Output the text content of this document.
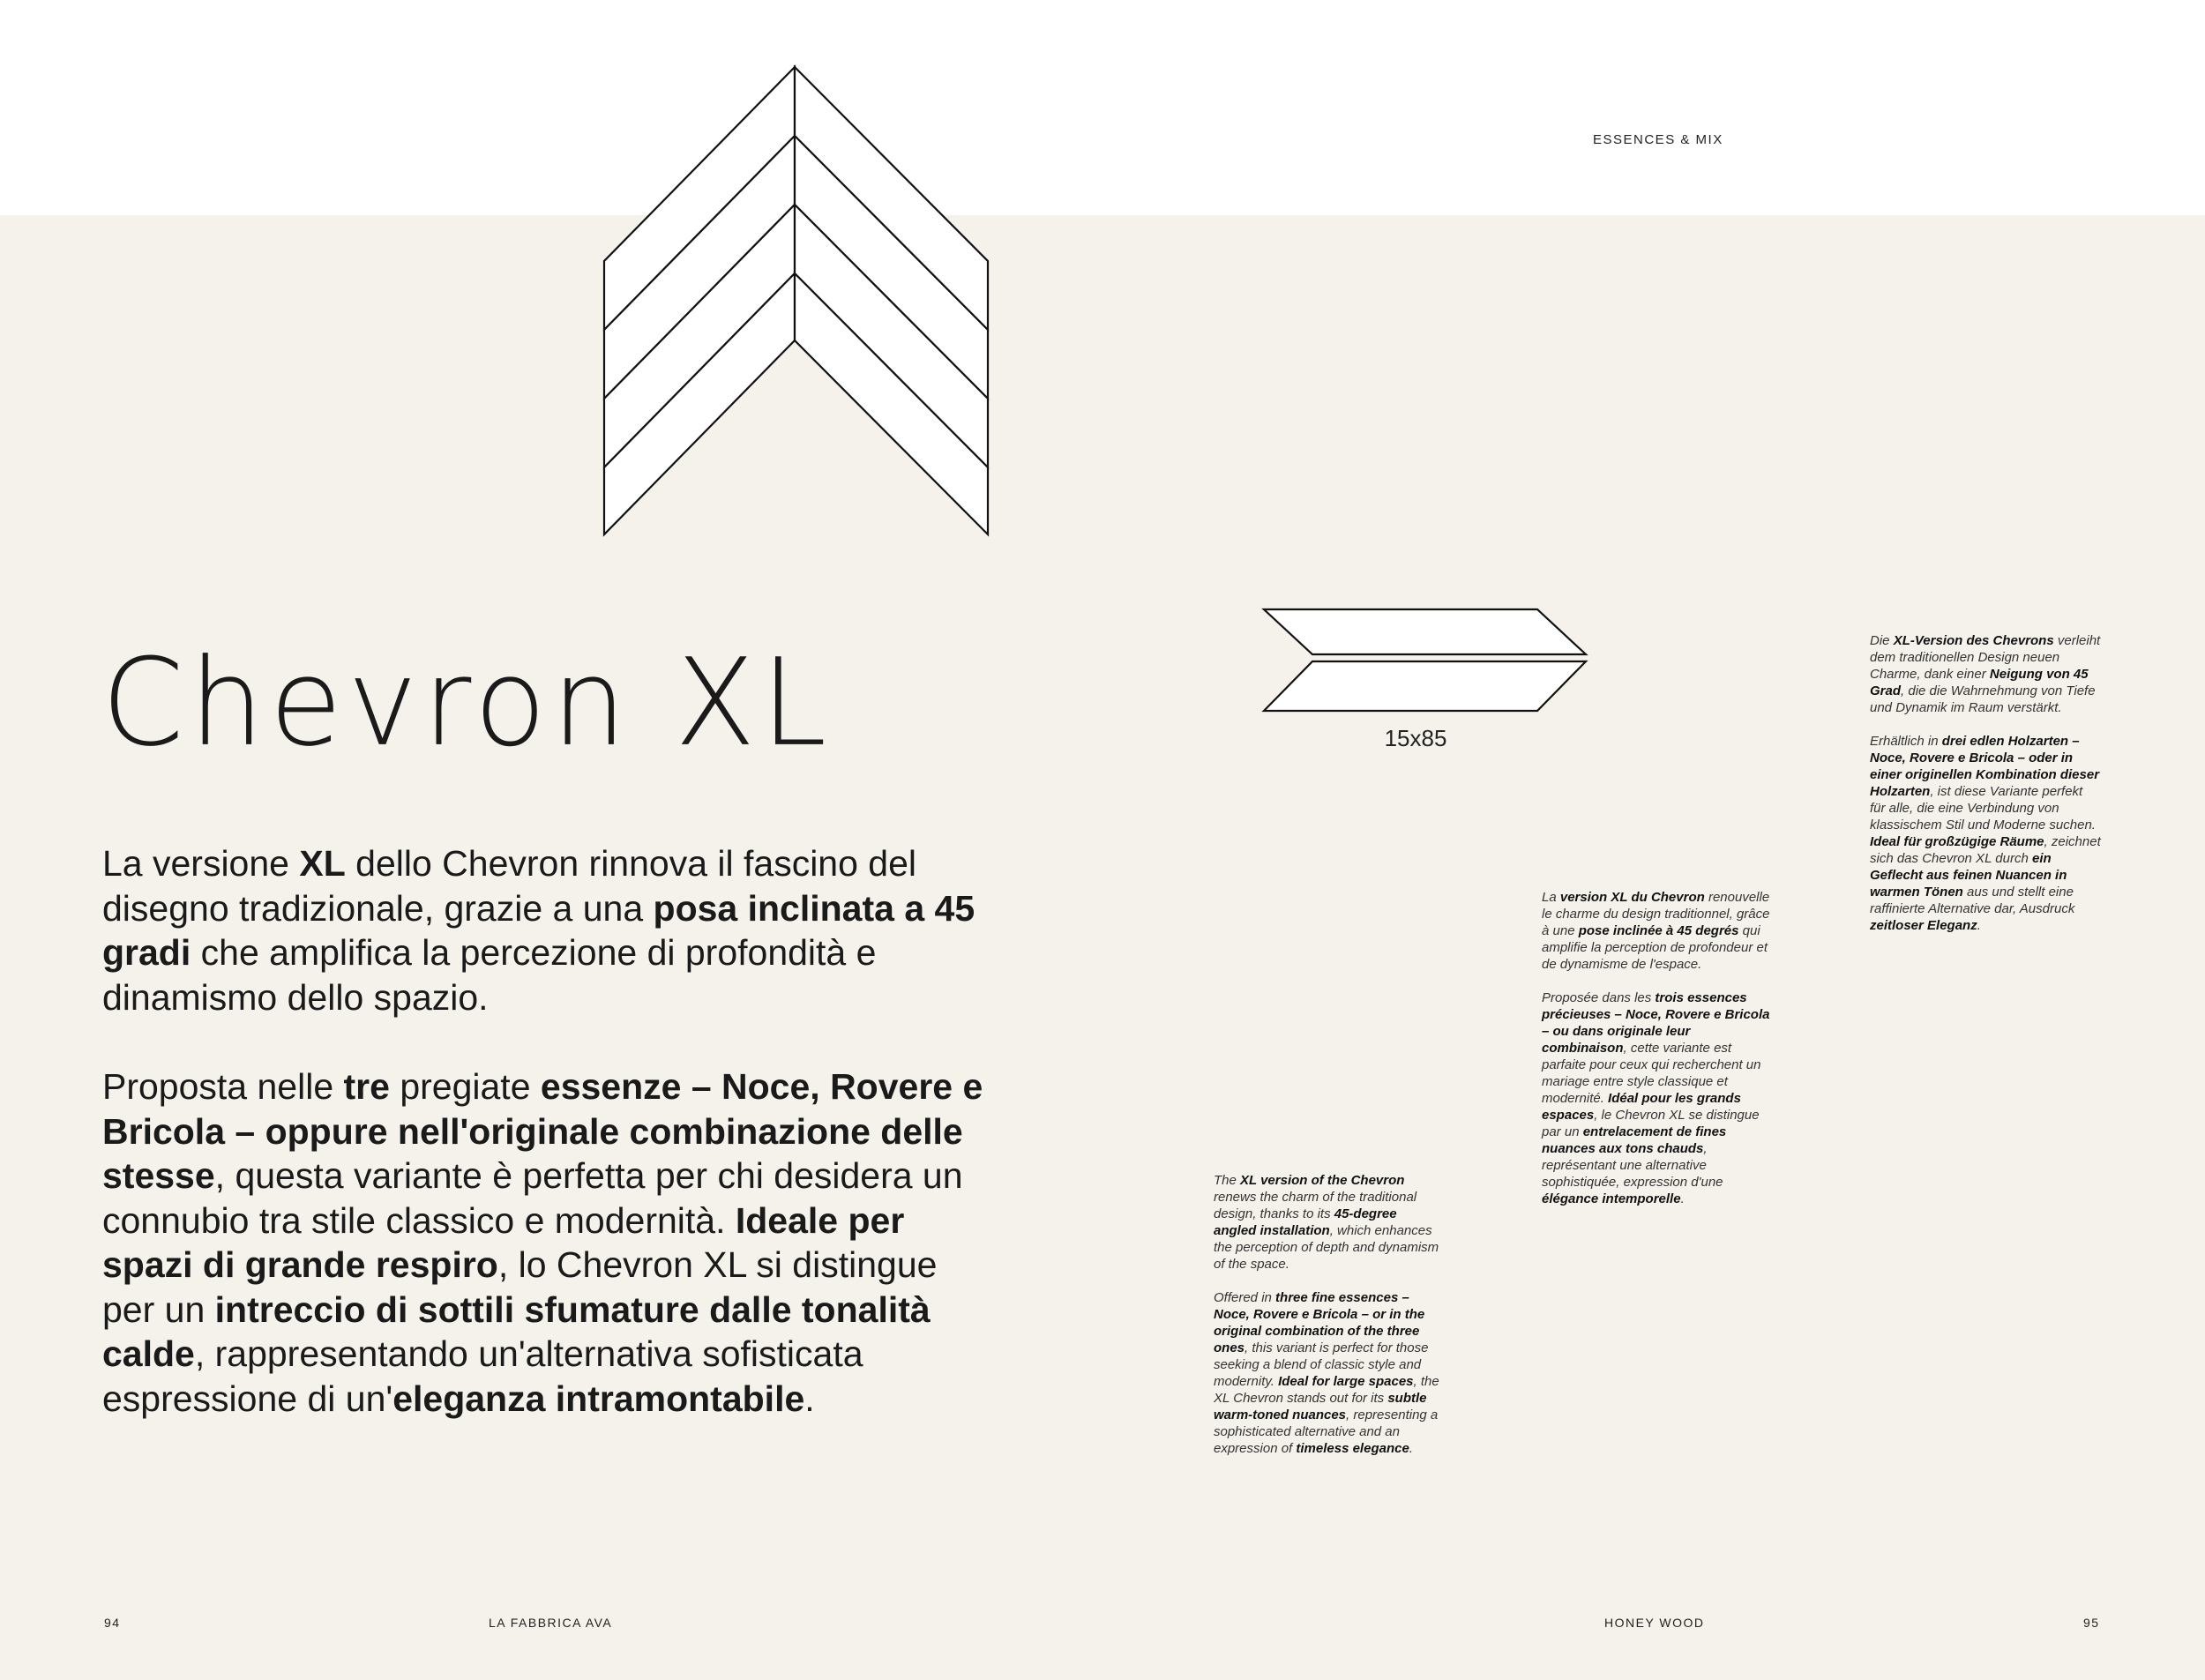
ESSENCES & MIX
Chevron XL	15x85
La versione XL dello Chevron rinnova il fascino del disegno tradizionale, grazie a una posa inclinata a 45 gradi che amplifica la percezione di profondità e dinamismo dello spazio.
Proposta nelle tre pregiate essenze – Noce, Rovere e Bricola – oppure nell'originale combinazione delle stesse, questa variante è perfetta per chi desidera un connubio tra stile classico e modernità. Ideale per spazi di grande respiro, lo Chevron XL si distingue per un intreccio di sottili sfumature dalle tonalità calde, rappresentando un'alternativa sofisticata espressione di un'eleganza intramontabile.

The XL version of the Chevron renews the charm of the traditional design, thanks to its 45-degree angled installation, which enhances the perception of depth and dynamism of the space.

Offered in three fine essences – Noce, Rovere e Bricola – or in the original combination of the three ones, this variant is perfect for those seeking a blend of classic style and modernity. Ideal for large spaces, the XL Chevron stands out for its subtle warm-toned nuances, representing a sophisticated alternative and an expression of timeless elegance.

La version XL du Chevron renouvelle le charme du design traditionnel, grâce à une pose inclinée à 45 degrés qui amplifie la perception de profondeur et de dynamisme de l'espace.

Proposée dans les trois essences précieuses – Noce, Rovere e Bricola – ou dans originale leur combinaison, cette variante est parfaite pour ceux qui recherchent un mariage entre style classique et modernité. Idéal pour les grands espaces, le Chevron XL se distingue par un entrelacement de fines nuances aux tons chauds, représentant une alternative sophistiquée, expression d'une élégance intemporelle.

Die XL-Version des Chevrons verleiht dem traditionellen Design neuen Charme, dank einer Neigung von 45 Grad, die die Wahrnehmung von Tiefe und Dynamik im Raum verstärkt.

Erhältlich in drei edlen Holzarten – Noce, Rovere e Bricola – oder in einer originellen Kombination dieser Holzarten, ist diese Variante perfekt für alle, die eine Verbindung von klassischem Stil und Moderne suchen. Ideal für großzügige Räume, zeichnet sich das Chevron XL durch ein Geflecht aus feinen Nuancen in warmen Tönen aus und stellt eine raffinierte Alternative dar, Ausdruck zeitloser Eleganz.

94	LA FABBRICA AVA	HONEY WOOD	95
